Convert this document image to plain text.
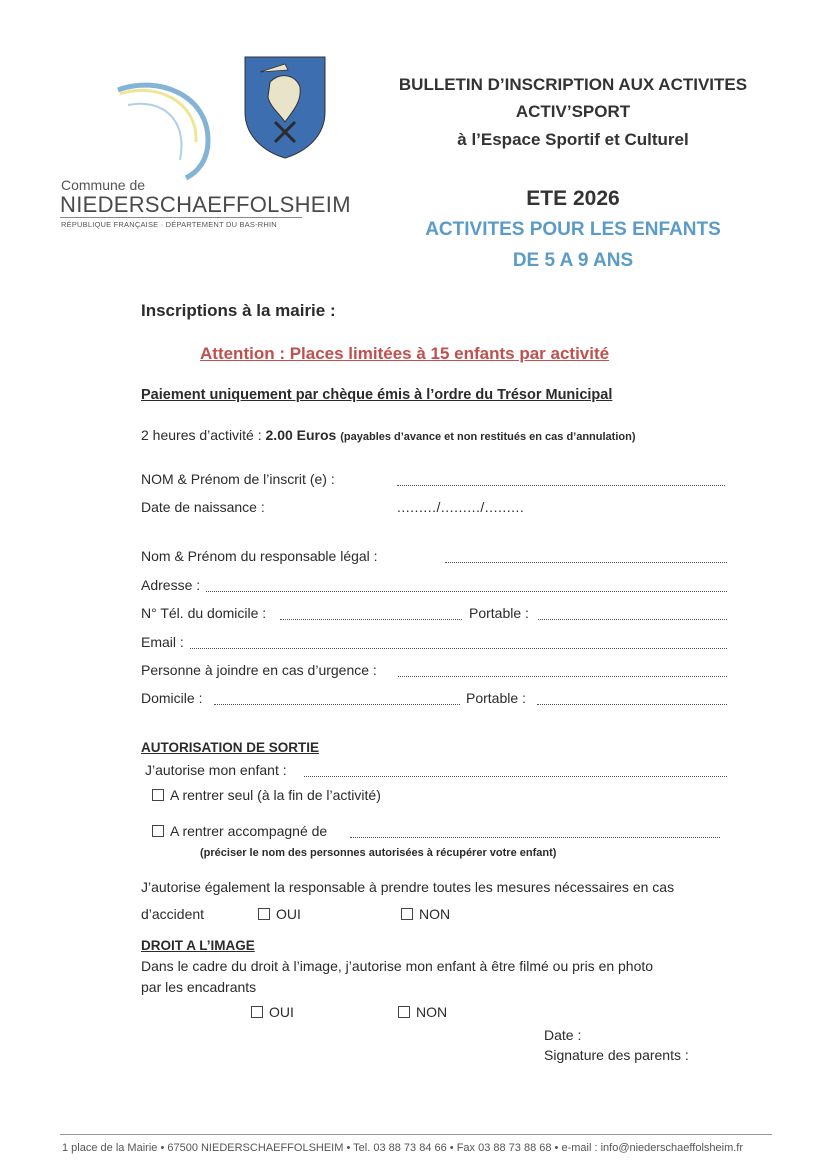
Commune de
NIEDERSCHAEFFOLSHEIM
RÉPUBLIQUE FRANÇAISE · DÉPARTEMENT DU BAS-RHIN
BULLETIN D’INSCRIPTION AUX ACTIVITES
ACTIV’SPORT
à l’Espace Sportif et Culturel
ETE 2026
ACTIVITES POUR LES ENFANTS
DE 5 A 9 ANS
Inscriptions à la mairie :
Attention : Places limitées à 15 enfants par activité
Paiement uniquement par chèque émis à l’ordre du Trésor Municipal
2 heures d’activité : 2.00 Euros (payables d’avance et non restitués en cas d’annulation)
NOM & Prénom de l’inscrit (e) :
Date de naissance :	........./........./.........
Nom & Prénom du responsable légal :
Adresse :
N° Tél. du domicile :	Portable :
Email :
Personne à joindre en cas d’urgence :
Domicile :	Portable :
AUTORISATION DE SORTIE
J’autorise mon enfant :
A rentrer seul (à la fin de l’activité)
A rentrer accompagné de
(préciser le nom des personnes autorisées à récupérer votre enfant)
J’autorise également la responsable à prendre toutes les mesures nécessaires en cas
d’accident	OUI	NON
DROIT A L’IMAGE
Dans le cadre du droit à l’image, j’autorise mon enfant à être filmé ou pris en photo
par les encadrants
OUI	NON
Date :
Signature des parents :
1 place de la Mairie • 67500 NIEDERSCHAEFFOLSHEIM • Tel. 03 88 73 84 66 • Fax 03 88 73 88 68 • e-mail : info@niederschaeffolsheim.fr
